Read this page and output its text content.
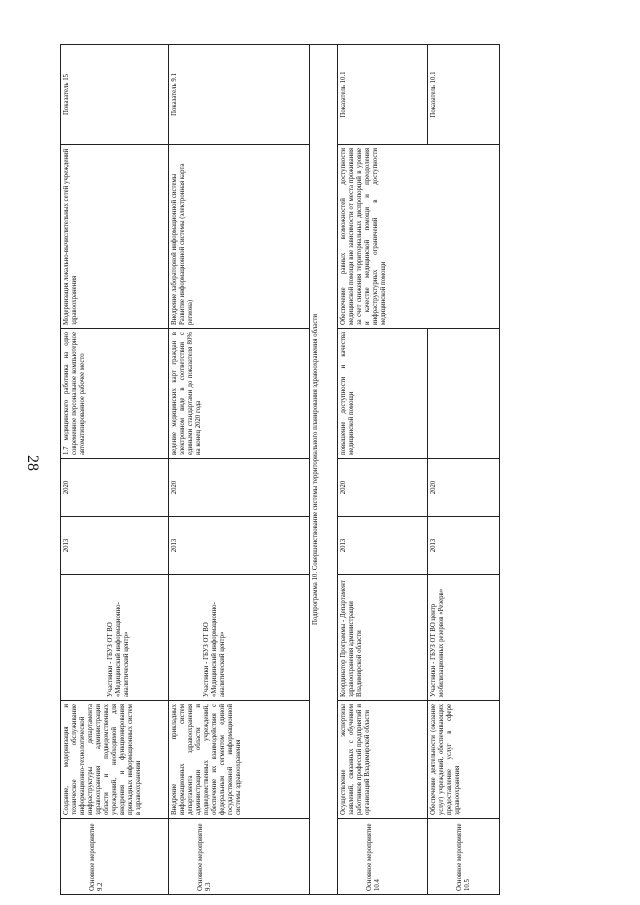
28
Основное мероприятие 9.2	Создание, модернизация и техническое обслуживание информационно-технологической инфраструктуры департамента здравоохранения администрации области и подведомственных учреждений, необходимой для внедрения и функционирования прикладных информационных систем в здравоохранении	Участники - ГБУЗ ОТ ВО «Медицинский информационно-аналитический центр»	2013	2020	1.7 медицинского работника на одно современное персональное компьютерное автоматизированное рабочее место	Модернизация локально-вычислительных сетей учреждений здравоохранения	Показатель 15

Основное мероприятие 9.3	Внедрение прикладных информационных систем департамента здравоохранения администрации области и подведомственных учреждений, обеспечение их взаимодействия с федеральным сегментом единой государственной информационной системы здравоохранения	Участники - ГБУЗ ОТ ВО «Медицинский информационно-аналитический центр»	2013	2020	ведение медицинских карт граждан в электронном виде в соответствии с едиными стандартами до показателя 80% на конец 2020 года	Внедрение лабораторной информационной системы Развитие информационной системы (электронная карта региона)	Показатель 9.1
Подпрограмма 10. Совершенствование системы территориального планирования здравоохранения области							

Основное мероприятие 10.4	Осуществление экспертизы заявлений, связанных с обучением работников профессий предприятий и организаций Владимирской области	Координатор Программы - Департамент здравоохранения администрации Владимирской области	2013	2020	повышение доступности и качества медицинской помощи	Обеспечение равных возможностей доступности медицинской помощи вне зависимости от места проживания за счет снижения территориальных диспропорций в уровне и качестве медицинской помощи и преодоления инфраструктурных ограничений в доступности медицинской помощи	Показатель 10.1

Основное мероприятие 10.5	Обеспечение деятельности (оказание услуг) учреждений, обеспечивающих предоставление услуг в сфере здравоохранения	Участники - ГБУЗ ОТ ВО центр мобилизационных резервов «Резерв»	2013	2020			Показатель 10.1
